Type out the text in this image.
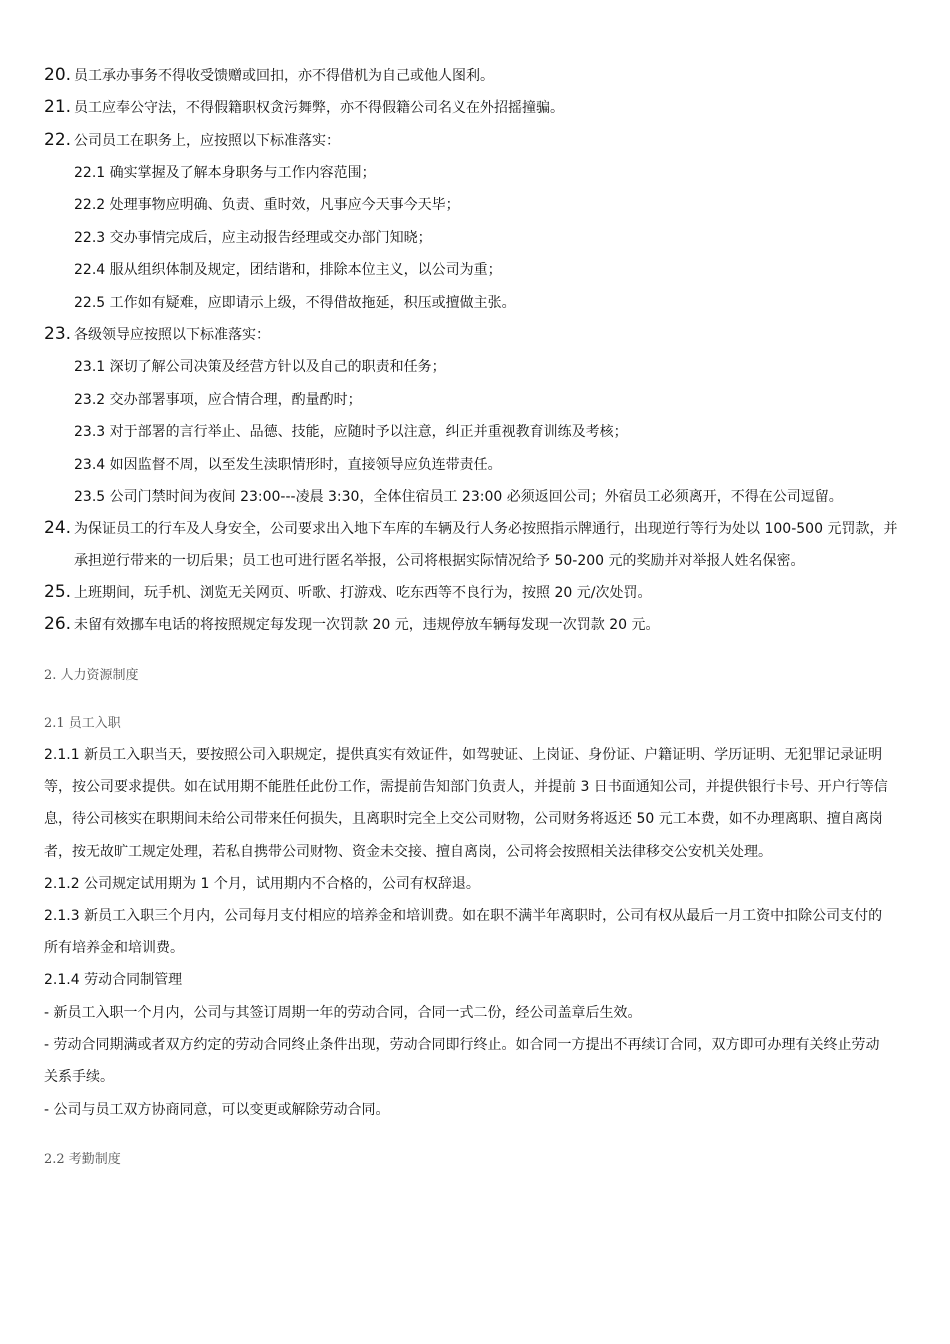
20. 员工承办事务不得收受馈赠或回扣，亦不得借机为自己或他人图利。
21. 员工应奉公守法，不得假籍职权贪污舞弊，亦不得假籍公司名义在外招摇撞骗。
22. 公司员工在职务上，应按照以下标准落实：
22.1 确实掌握及了解本身职务与工作内容范围；
22.2 处理事物应明确、负责、重时效，凡事应今天事今天毕；
22.3 交办事情完成后，应主动报告经理或交办部门知晓；
22.4 服从组织体制及规定，团结谐和，排除本位主义，以公司为重；
22.5 工作如有疑难，应即请示上级，不得借故拖延，积压或擅做主张。
23. 各级领导应按照以下标准落实：
23.1 深切了解公司决策及经营方针以及自己的职责和任务；
23.2 交办部署事项，应合情合理，酌量酌时；
23.3 对于部署的言行举止、品德、技能，应随时予以注意，纠正并重视教育训练及考核；
23.4 如因监督不周，以至发生渎职情形时，直接领导应负连带责任。
23.5 公司门禁时间为夜间 23:00---凌晨 3:30，全体住宿员工 23:00 必须返回公司；外宿员工必须离开，不得在公司逗留。
24. 为保证员工的行车及人身安全，公司要求出入地下车库的车辆及行人务必按照指示牌通行，出现逆行等行为处以 100-500 元罚款，并
承担逆行带来的一切后果；员工也可进行匿名举报，公司将根据实际情况给予 50-200 元的奖励并对举报人姓名保密。
25. 上班期间，玩手机、浏览无关网页、听歌、打游戏、吃东西等不良行为，按照 20 元/次处罚。
26. 未留有效挪车电话的将按照规定每发现一次罚款 20 元，违规停放车辆每发现一次罚款 20 元。
2. 人力资源制度
2.1 员工入职
2.1.1 新员工入职当天，要按照公司入职规定，提供真实有效证件，如驾驶证、上岗证、身份证、户籍证明、学历证明、无犯罪记录证明
等，按公司要求提供。如在试用期不能胜任此份工作，需提前告知部门负责人，并提前 3 日书面通知公司，并提供银行卡号、开户行等信
息，待公司核实在职期间未给公司带来任何损失，且离职时完全上交公司财物，公司财务将返还 50 元工本费，如不办理离职、擅自离岗
者，按无故旷工规定处理，若私自携带公司财物、资金未交接、擅自离岗，公司将会按照相关法律移交公安机关处理。
2.1.2 公司规定试用期为 1 个月，试用期内不合格的，公司有权辞退。
2.1.3 新员工入职三个月内，公司每月支付相应的培养金和培训费。如在职不满半年离职时，公司有权从最后一月工资中扣除公司支付的
所有培养金和培训费。
2.1.4 劳动合同制管理
- 新员工入职一个月内，公司与其签订周期一年的劳动合同，合同一式二份，经公司盖章后生效。
- 劳动合同期满或者双方约定的劳动合同终止条件出现，劳动合同即行终止。如合同一方提出不再续订合同，双方即可办理有关终止劳动
关系手续。
- 公司与员工双方协商同意，可以变更或解除劳动合同。
2.2 考勤制度
